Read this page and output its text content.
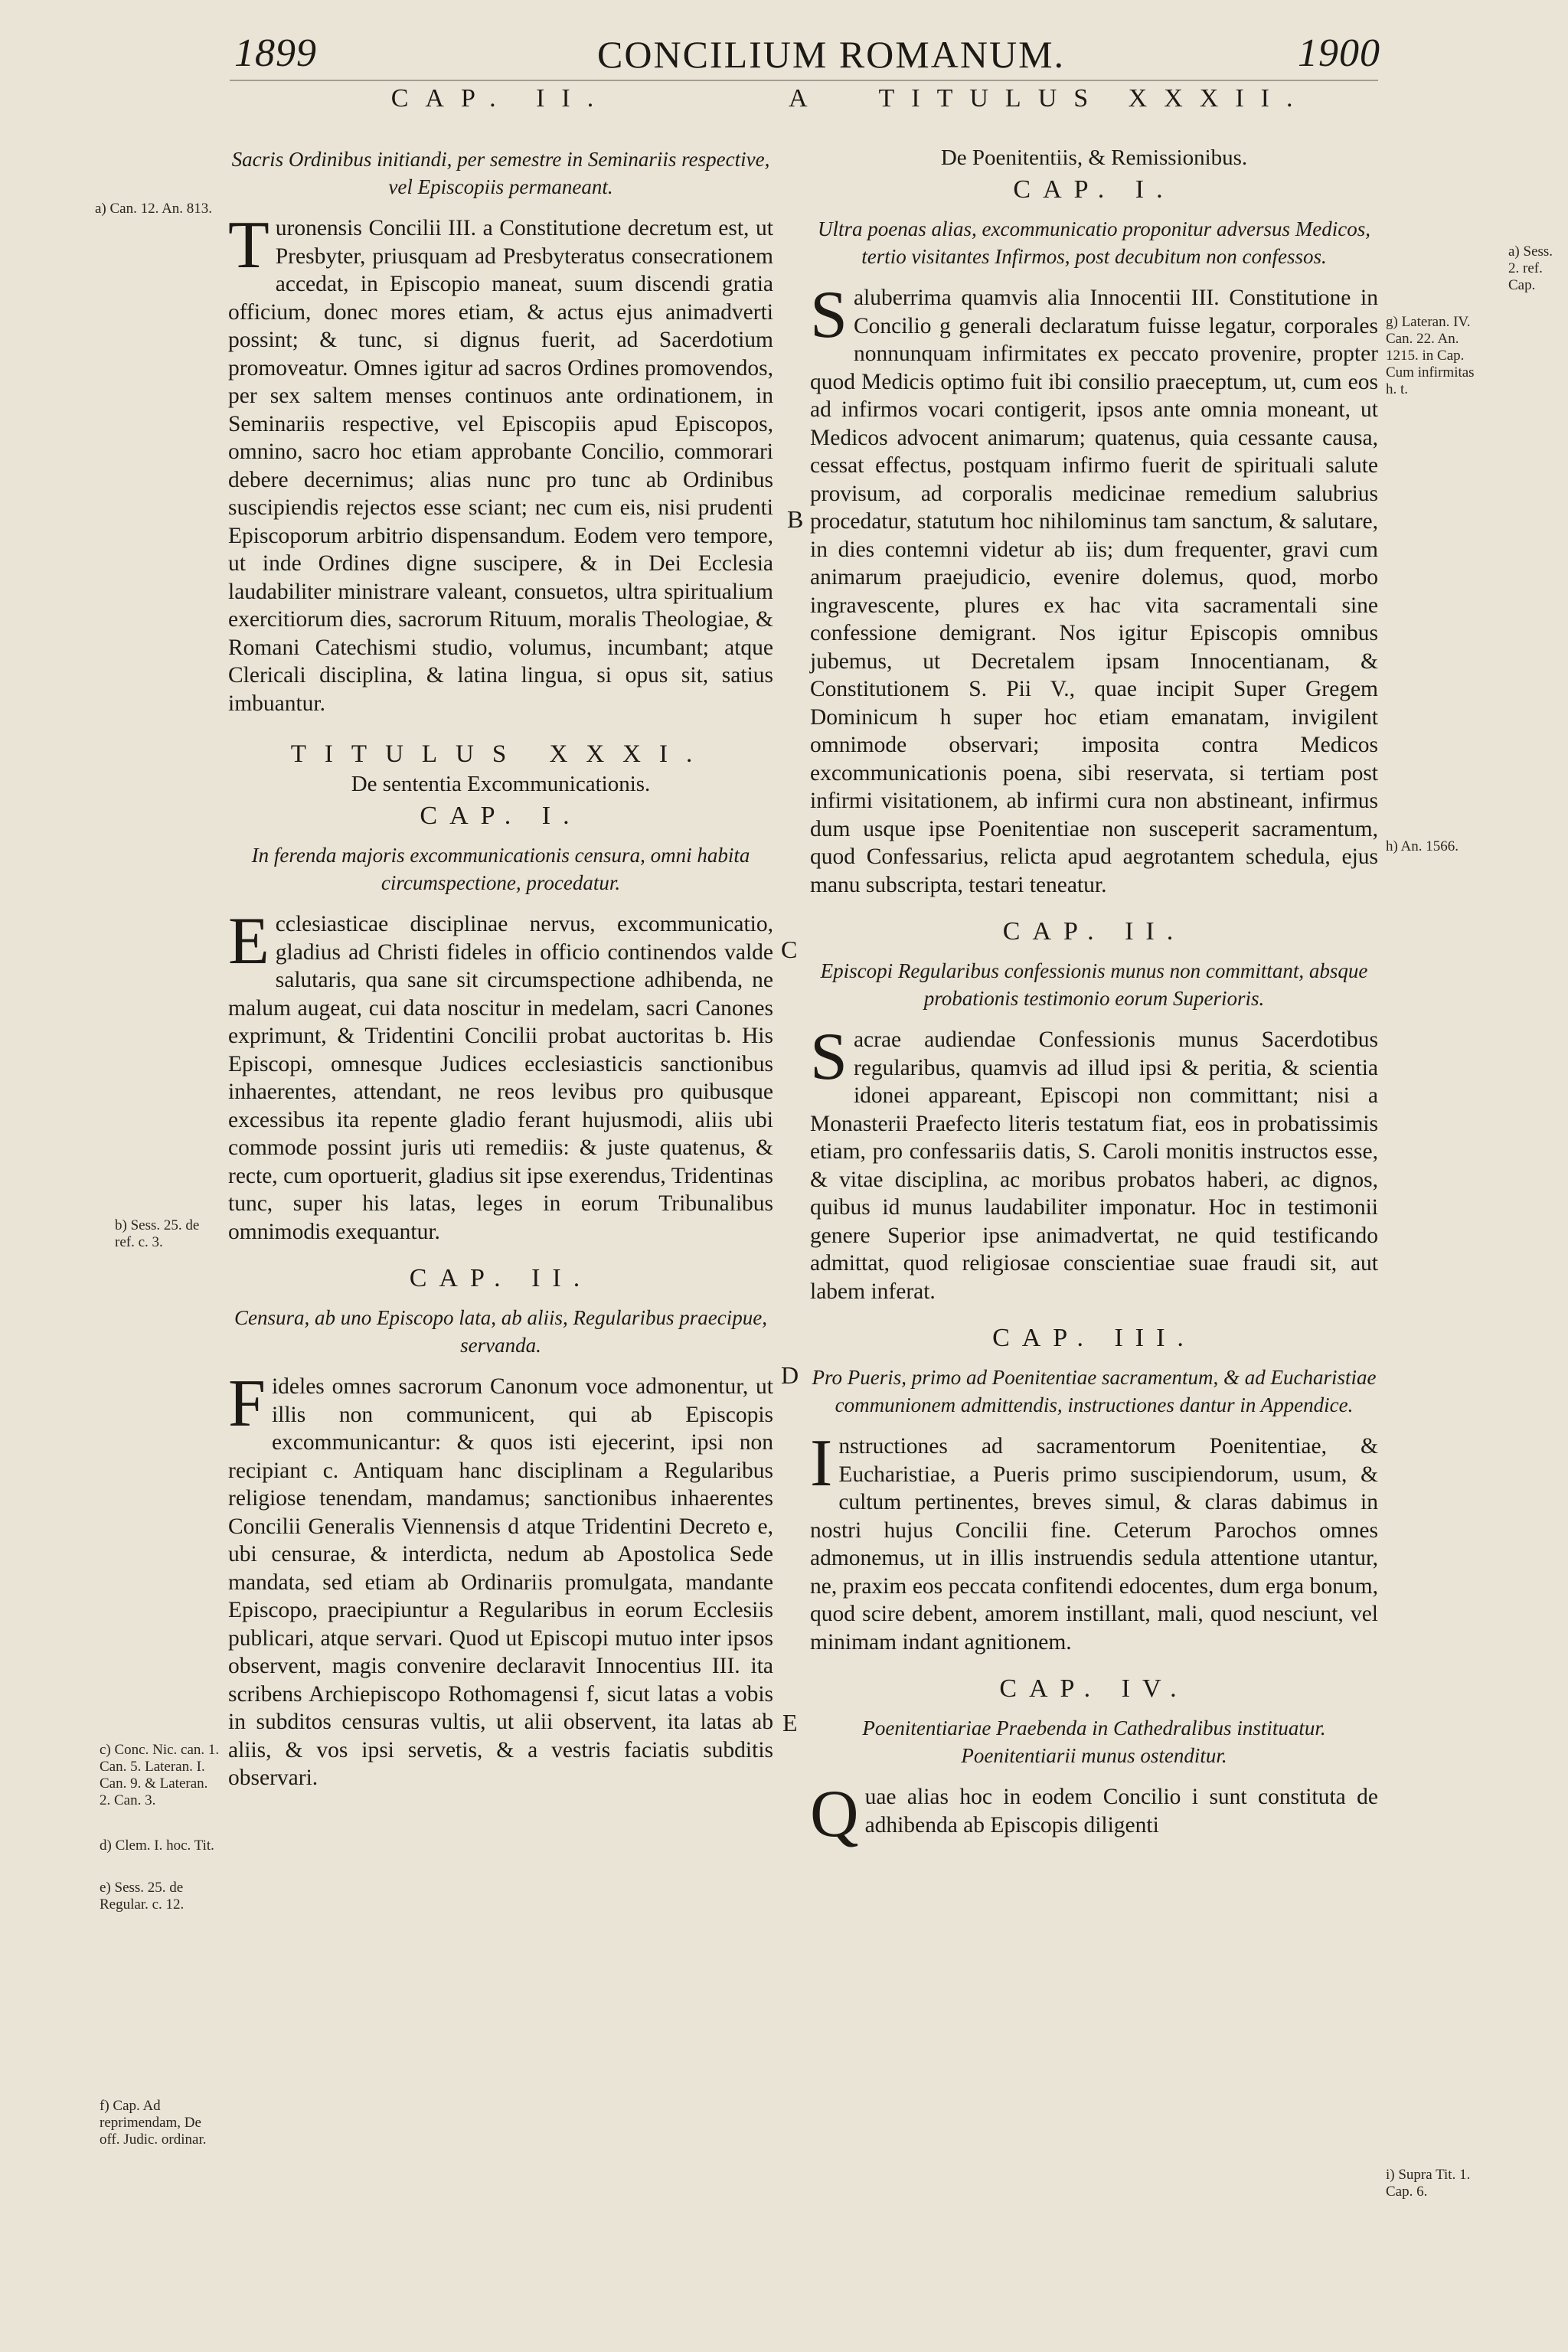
1899	CONCILIUM ROMANUM.	1900
A
CAP. II.
Sacris Ordinibus initiandi, per semestre in Seminariis respective, vel Episcopiis permaneant.

Turonensis Concilii III. a Constitutione decretum est, ut Presbyter, priusquam ad Presbyteratus consecrationem accedat, in Episcopio maneat, suum discendi gratia officium, donec mores etiam, & actus ejus animadverti possint; & tunc, si dignus fuerit, ad Sacerdotium promoveatur. Omnes igitur ad sacros Ordines promovendos, per sex saltem menses continuos ante ordinationem, in Seminariis respective, vel Episcopiis apud Episcopos, omnino, sacro hoc etiam approbante Concilio, commorari debere decernimus; alias nunc pro tunc ab Ordinibus suscipiendis rejectos esse sciant; nec cum eis, nisi prudenti Episcoporum arbitrio dispensandum. Eodem vero tempore, ut inde Ordines digne suscipere, & in Dei Ecclesia laudabiliter ministrare valeant, consuetos, ultra spiritualium exercitiorum dies, sacrorum Rituum, moralis Theologiae, & Romani Catechismi studio, volumus, incumbant; atque Clericali disciplina, & latina lingua, si opus sit, satius imbuantur.

TITULUS XXXI.
De sententia Excommunicationis.
CAP. I.
In ferenda majoris excommunicationis censura, omni habita circumspectione, procedatur.

Ecclesiasticae disciplinae nervus, excommunicatio, gladius ad Christi fideles in officio continendos valde salutaris, qua sane sit circumspectione adhibenda, ne malum augeat, cui data noscitur in medelam, sacri Canones exprimunt, & Tridentini Concilii probat auctoritas b. His Episcopi, omnesque Judices ecclesiasticis sanctionibus inhaerentes, attendant, ne reos levibus pro quibusque excessibus ita repente gladio ferant hujusmodi, aliis ubi commode possint juris uti remediis: & juste quatenus, & recte, cum oportuerit, gladius sit ipse exerendus, Tridentinas tunc, super his latas, leges in eorum Tribunalibus omnimodis exequantur.

CAP. II.
Censura, ab uno Episcopo lata, ab aliis, Regularibus praecipue, servanda.

Fideles omnes sacrorum Canonum voce admonentur, ut illis non communicent, qui ab Episcopis excommunicantur: & quos isti ejecerint, ipsi non recipiant c. Antiquam hanc disciplinam a Regularibus religiose tenendam, mandamus; sanctionibus inhaerentes Concilii Generalis Viennensis d atque Tridentini Decreto e, ubi censurae, & interdicta, nedum ab Apostolica Sede mandata, sed etiam ab Ordinariis promulgata, mandante Episcopo, praecipiuntur a Regularibus in eorum Ecclesiis publicari, atque servari. Quod ut Episcopi mutuo inter ipsos observent, magis convenire declaravit Innocentius III. ita scribens Archiepiscopo Rothomagensi f, sicut latas a vobis in subditos censuras vultis, ut alii observent, ita latas ab aliis, & vos ipsi servetis, & a vestris faciatis subditis observari.

a) Can. 12. An. 813.
b) Sess. 25. de ref. c. 3.
c) Conc. Nic. can. 1. Can. 5. Lateran. I. Can. 9. & Lateran. 2. Can. 3.
d) Clem. I. hoc. Tit.
e) Sess. 25. de Regular. c. 12.
f) Cap. Ad reprimendam, De off. Judic. ordinar.
B
C
D
E
TITULUS XXXII.
De Poenitentiis, & Remissionibus.
CAP. I.
Ultra poenas alias, excommunicatio proponitur adversus Medicos, tertio visitantes Infirmos, post decubitum non confessos.

Saluberrima quamvis alia Innocentii III. Constitutione in Concilio g generali declaratum fuisse legatur, corporales nonnunquam infirmitates ex peccato provenire, propter quod Medicis optimo fuit ibi consilio praeceptum, ut, cum eos ad infirmos vocari contigerit, ipsos ante omnia moneant, ut Medicos advocent animarum; quatenus, quia cessante causa, cessat effectus, postquam infirmo fuerit de spirituali salute provisum, ad corporalis medicinae remedium salubrius procedatur, statutum hoc nihilominus tam sanctum, & salutare, in dies contemni videtur ab iis; dum frequenter, gravi cum animarum praejudicio, evenire dolemus, quod, morbo ingravescente, plures ex hac vita sacramentali sine confessione demigrant. Nos igitur Episcopis omnibus jubemus, ut Decretalem ipsam Innocentianam, & Constitutionem S. Pii V., quae incipit Super Gregem Dominicum h super hoc etiam emanatam, invigilent omnimode observari; imposita contra Medicos excommunicationis poena, sibi reservata, si tertiam post infirmi visitationem, ab infirmi cura non abstineant, infirmus dum usque ipse Poenitentiae non susceperit sacramentum, quod Confessarius, relicta apud aegrotantem schedula, ejus manu subscripta, testari teneatur.

CAP. II.
Episcopi Regularibus confessionis munus non committant, absque probationis testimonio eorum Superioris.

Sacrae audiendae Confessionis munus Sacerdotibus regularibus, quamvis ad illud ipsi & peritia, & scientia idonei appareant, Episcopi non committant; nisi a Monasterii Praefecto literis testatum fiat, eos in probatissimis etiam, pro confessariis datis, S. Caroli monitis instructos esse, & vitae disciplina, ac moribus probatos haberi, ac dignos, quibus id munus laudabiliter imponatur. Hoc in testimonii genere Superior ipse animadvertat, ne quid testificando admittat, quod religiosae conscientiae suae fraudi sit, aut labem inferat.

CAP. III.
Pro Pueris, primo ad Poenitentiae sacramentum, & ad Eucharistiae communionem admittendis, instructiones dantur in Appendice.

Instructiones ad sacramentorum Poenitentiae, & Eucharistiae, a Pueris primo suscipiendorum, usum, & cultum pertinentes, breves simul, & claras dabimus in nostri hujus Concilii fine. Ceterum Parochos omnes admonemus, ut in illis instruendis sedula attentione utantur, ne, praxim eos peccata confitendi edocentes, dum erga bonum, quod scire debent, amorem instillant, mali, quod nesciunt, vel minimam indant agnitionem.

CAP. IV.
Poenitentiariae Praebenda in Cathedralibus instituatur. Poenitentiarii munus ostenditur.

Quae alias hoc in eodem Concilio i sunt constituta de adhibenda ab Episcopis diligenti

g) Lateran. IV. Can. 22. An. 1215. in Cap. Cum infirmitas h. t.
h) An. 1566.
i) Supra Tit. 1. Cap. 6.
a) Sess. 2. ref. Cap.
